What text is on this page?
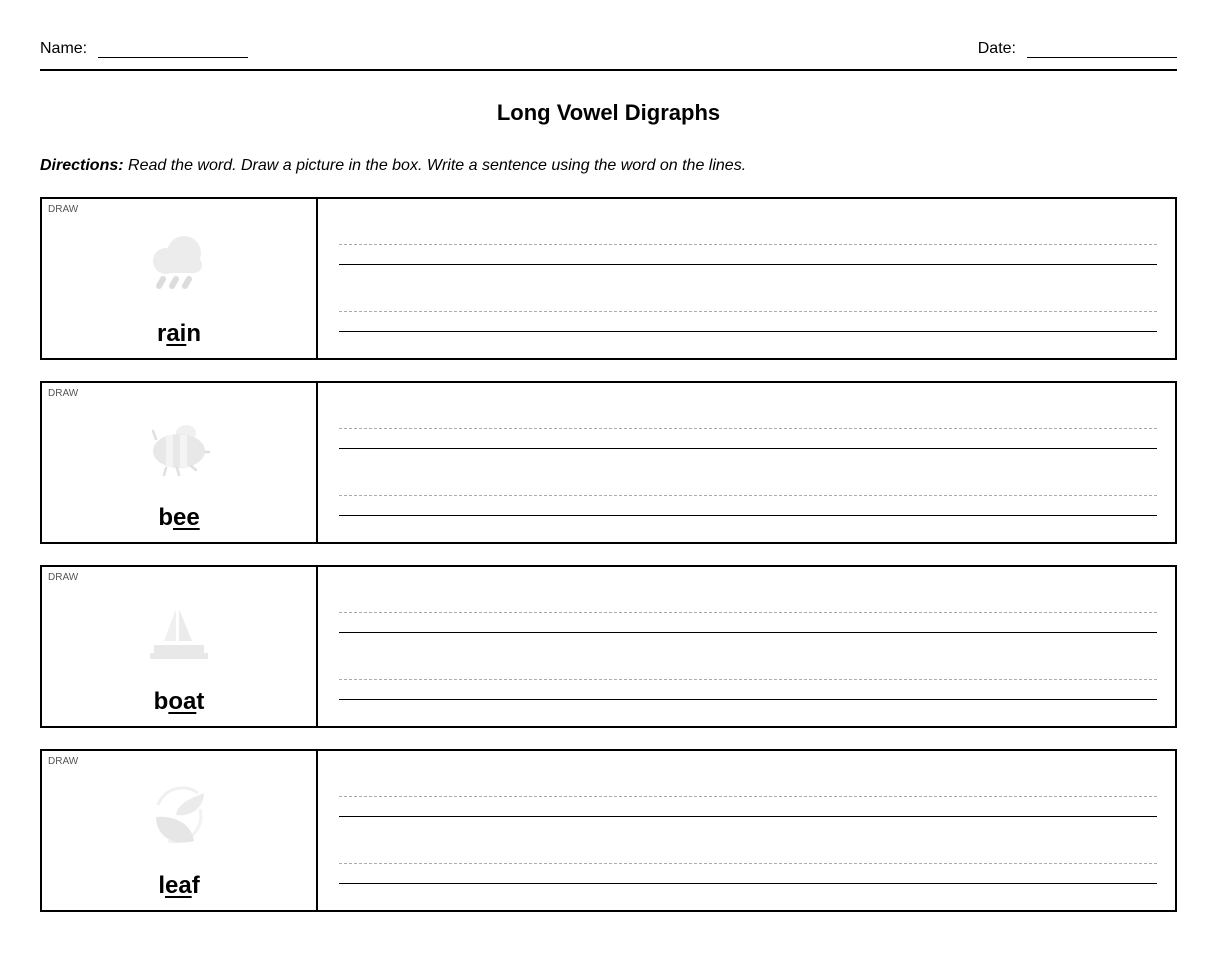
Name:	Date:
Long Vowel Digraphs
Directions: Read the word. Draw a picture in the box. Write a sentence using the word on the lines.
DRAW
rain
DRAW
bee
DRAW
boat
DRAW
leaf
